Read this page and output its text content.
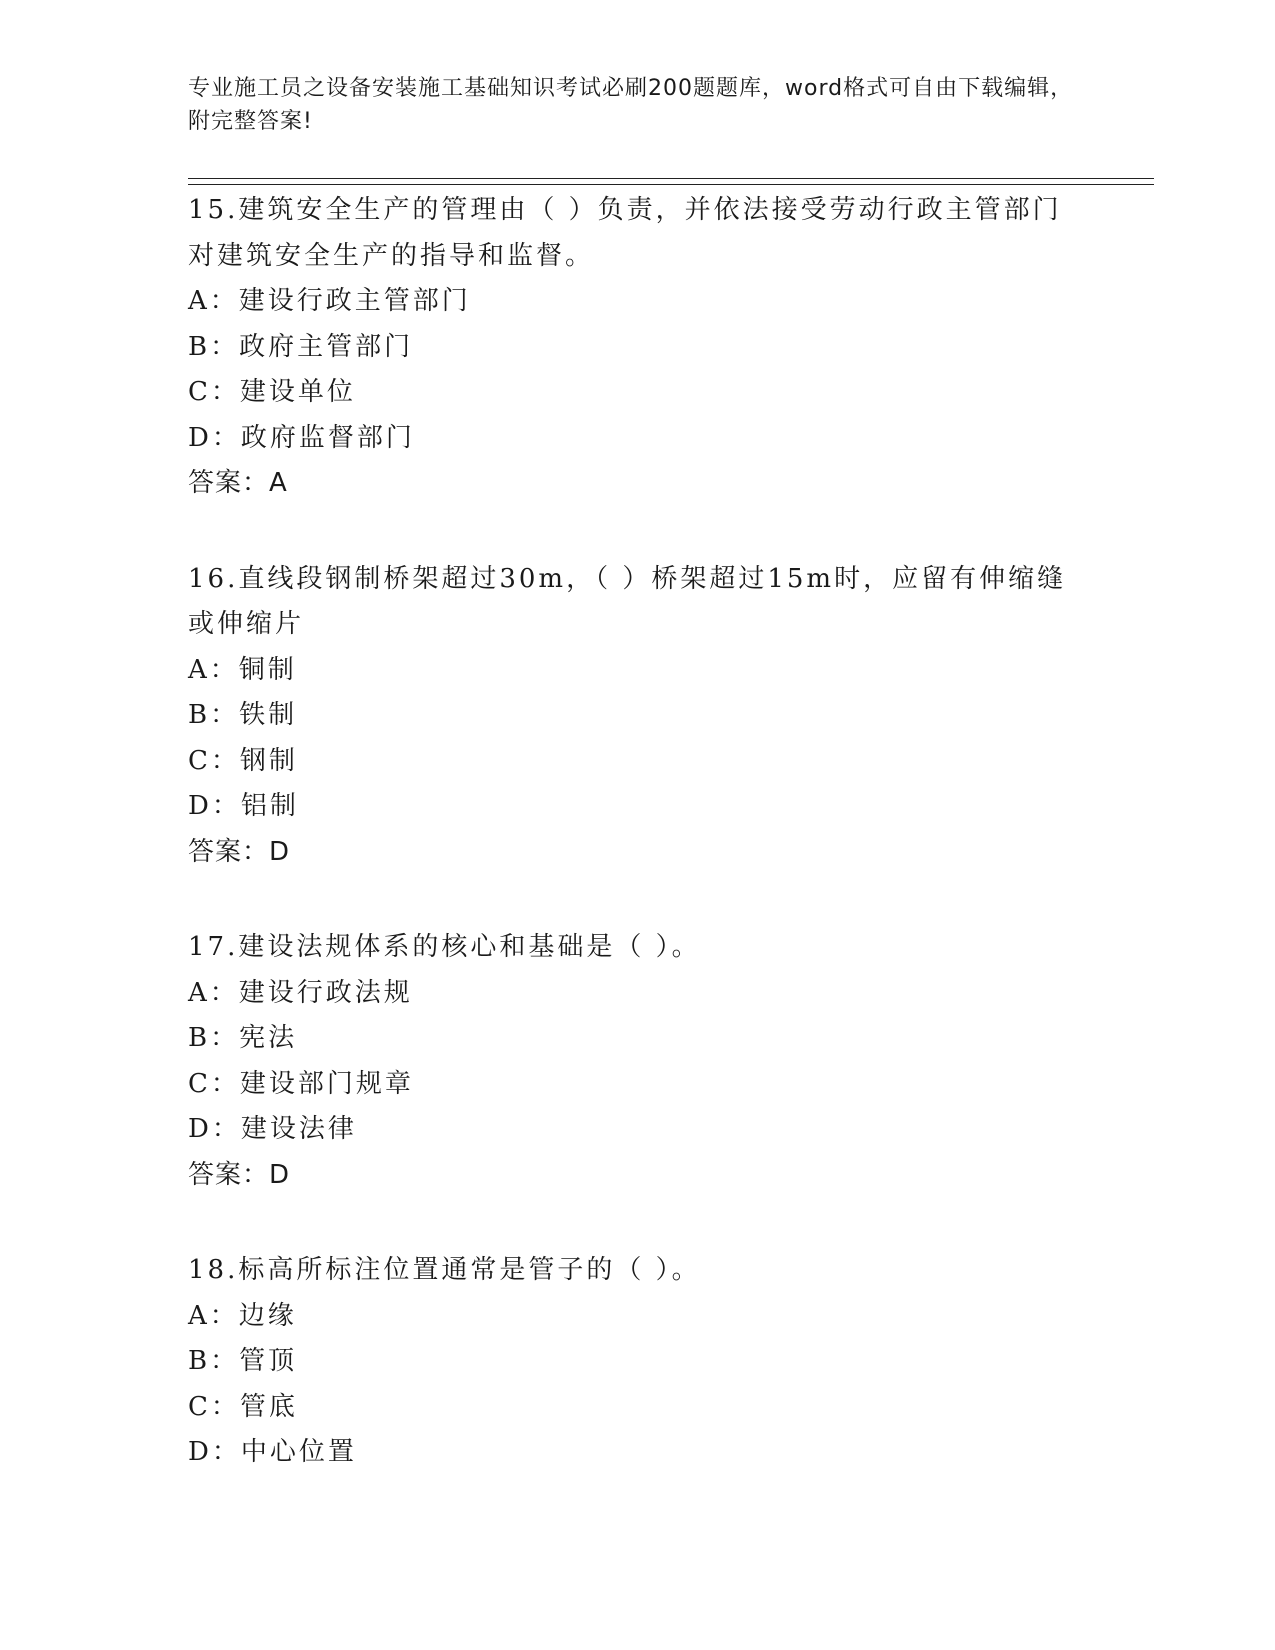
专业施工员之设备安装施工基础知识考试必刷200题题库，word格式可自由下载编辑，附完整答案!
15.建筑安全生产的管理由（ ）负责，并依法接受劳动行政主管部门对建筑安全生产的指导和监督。
A：建设行政主管部门
B：政府主管部门
C：建设单位
D：政府监督部门
答案：A
16.直线段钢制桥架超过30m，（ ）桥架超过15m时，应留有伸缩缝或伸缩片
A：铜制
B：铁制
C：钢制
D：铝制
答案：D
17.建设法规体系的核心和基础是（ ）。
A：建设行政法规
B：宪法
C：建设部门规章
D：建设法律
答案：D
18.标高所标注位置通常是管子的（ ）。
A：边缘
B：管顶
C：管底
D：中心位置
